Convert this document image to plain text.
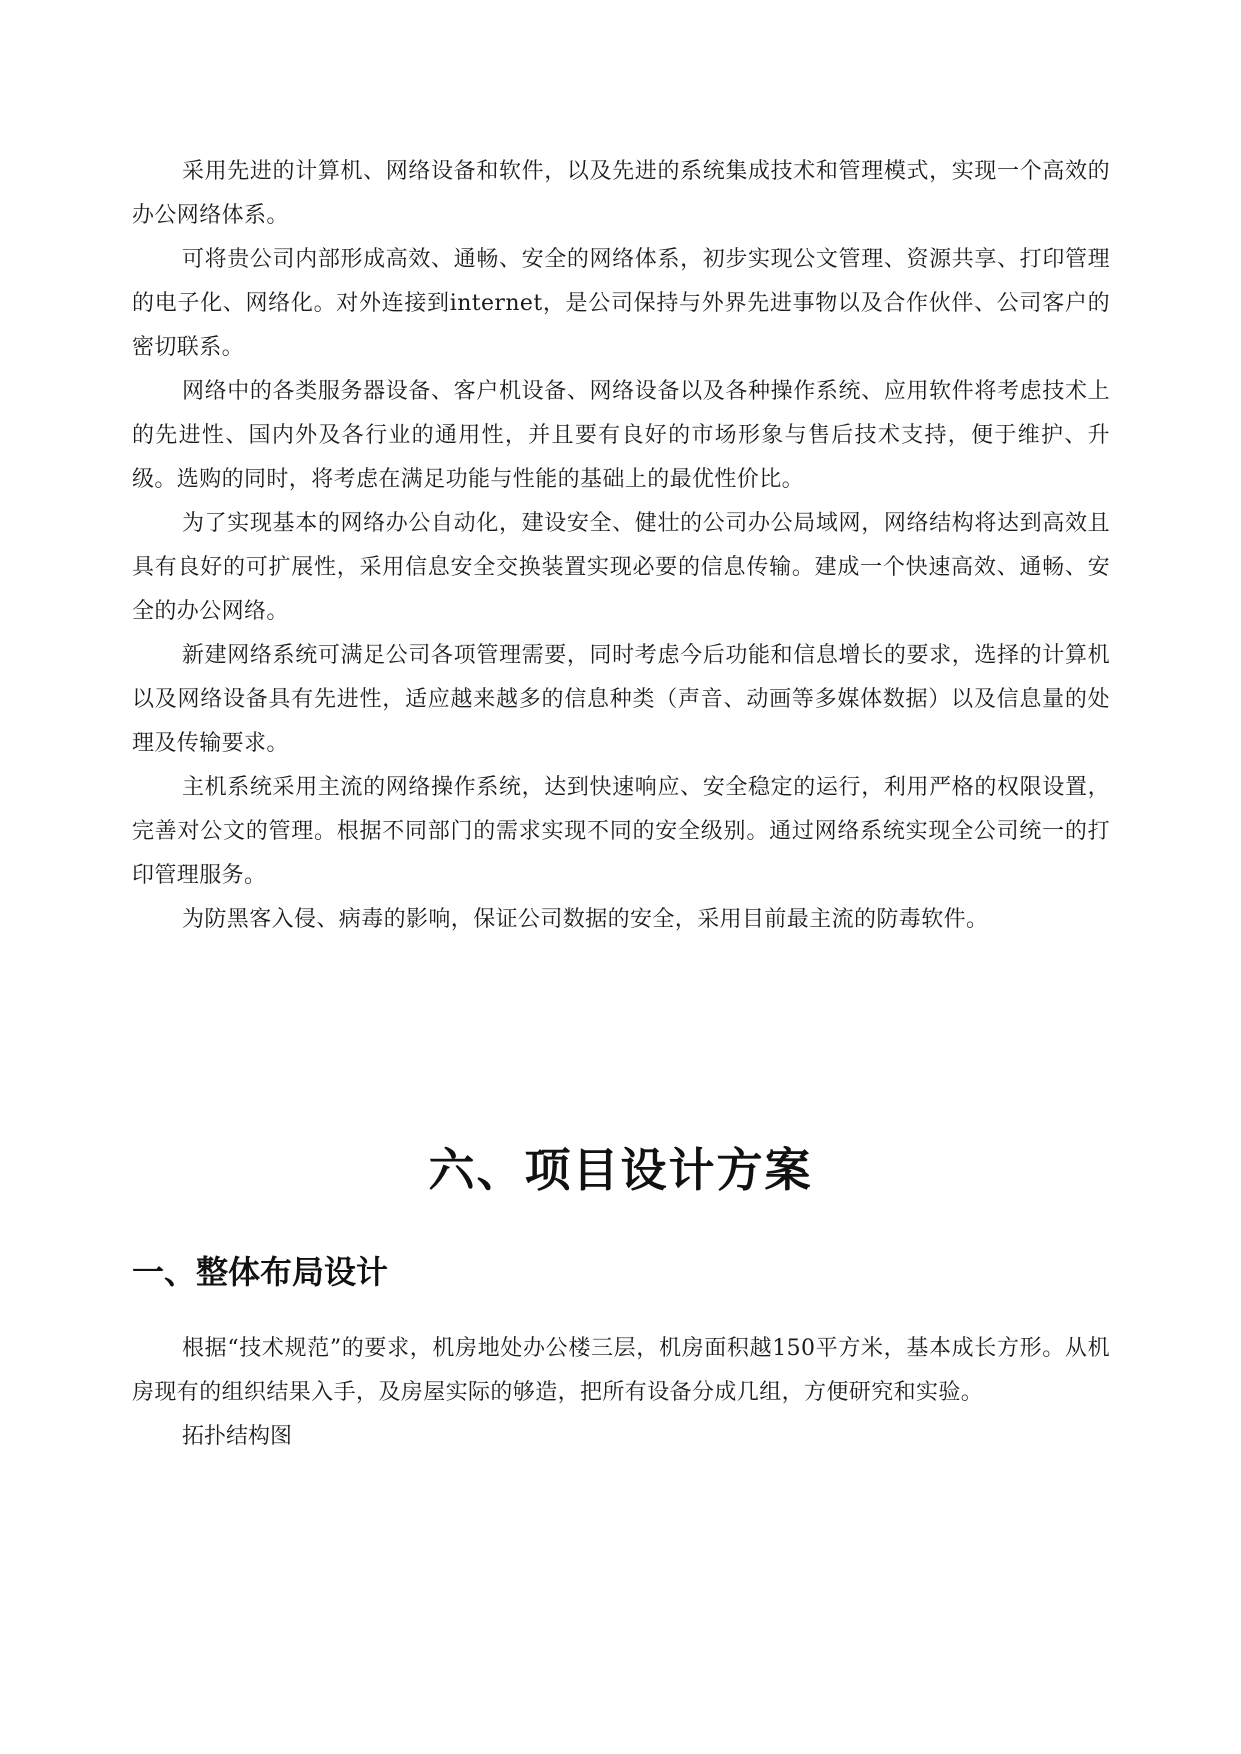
采用先进的计算机、网络设备和软件，以及先进的系统集成技术和管理模式，实现一个高效的办公网络体系。

可将贵公司内部形成高效、通畅、安全的网络体系，初步实现公文管理、资源共享、打印管理的电子化、网络化。对外连接到internet，是公司保持与外界先进事物以及合作伙伴、公司客户的密切联系。

网络中的各类服务器设备、客户机设备、网络设备以及各种操作系统、应用软件将考虑技术上的先进性、国内外及各行业的通用性，并且要有良好的市场形象与售后技术支持，便于维护、升级。选购的同时，将考虑在满足功能与性能的基础上的最优性价比。

为了实现基本的网络办公自动化，建设安全、健壮的公司办公局域网，网络结构将达到高效且具有良好的可扩展性，采用信息安全交换装置实现必要的信息传输。建成一个快速高效、通畅、安全的办公网络。

新建网络系统可满足公司各项管理需要，同时考虑今后功能和信息增长的要求，选择的计算机以及网络设备具有先进性，适应越来越多的信息种类（声音、动画等多媒体数据）以及信息量的处理及传输要求。

主机系统采用主流的网络操作系统，达到快速响应、安全稳定的运行，利用严格的权限设置，完善对公文的管理。根据不同部门的需求实现不同的安全级别。通过网络系统实现全公司统一的打印管理服务。

为防黑客入侵、病毒的影响，保证公司数据的安全，采用目前最主流的防毒软件。

六、项目设计方案
一、整体布局设计

根据“技术规范”的要求，机房地处办公楼三层，机房面积越150平方米，基本成长方形。从机房现有的组织结果入手，及房屋实际的够造，把所有设备分成几组，方便研究和实验。

拓扑结构图
